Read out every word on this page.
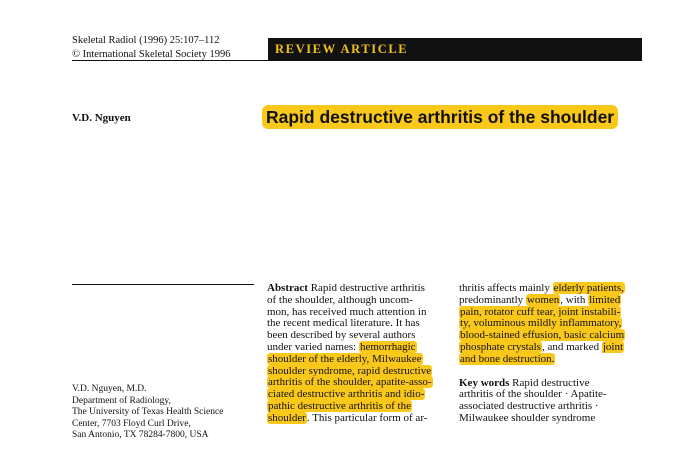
Skeletal Radiol (1996) 25:107–112
© International Skeletal Society 1996	REVIEW ARTICLE
V.D. Nguyen	Rapid destructive arthritis of the shoulder
V.D. Nguyen, M.D.
Department of Radiology,
The University of Texas Health Science
Center, 7703 Floyd Curl Drive,
San Antonio, TX 78284-7800, USA
Abstract Rapid destructive arthritis
of the shoulder, although uncom-
mon, has received much attention in
the recent medical literature. It has
been described by several authors
under varied names: hemorrhagic
shoulder of the elderly, Milwaukee
shoulder syndrome, rapid destructive
arthritis of the shoulder, apatite-asso-
ciated destructive arthritis and idio-
pathic destructive arthritis of the
shoulder. This particular form of ar-
thritis affects mainly elderly patients,
predominantly women, with limited
pain, rotator cuff tear, joint instabili-
ty, voluminous mildly inflammatory,
blood-stained effusion, basic calcium
phosphate crystals, and marked joint
and bone destruction.
Key words Rapid destructive
arthritis of the shoulder · Apatite-
associated destructive arthritis ·
Milwaukee shoulder syndrome
